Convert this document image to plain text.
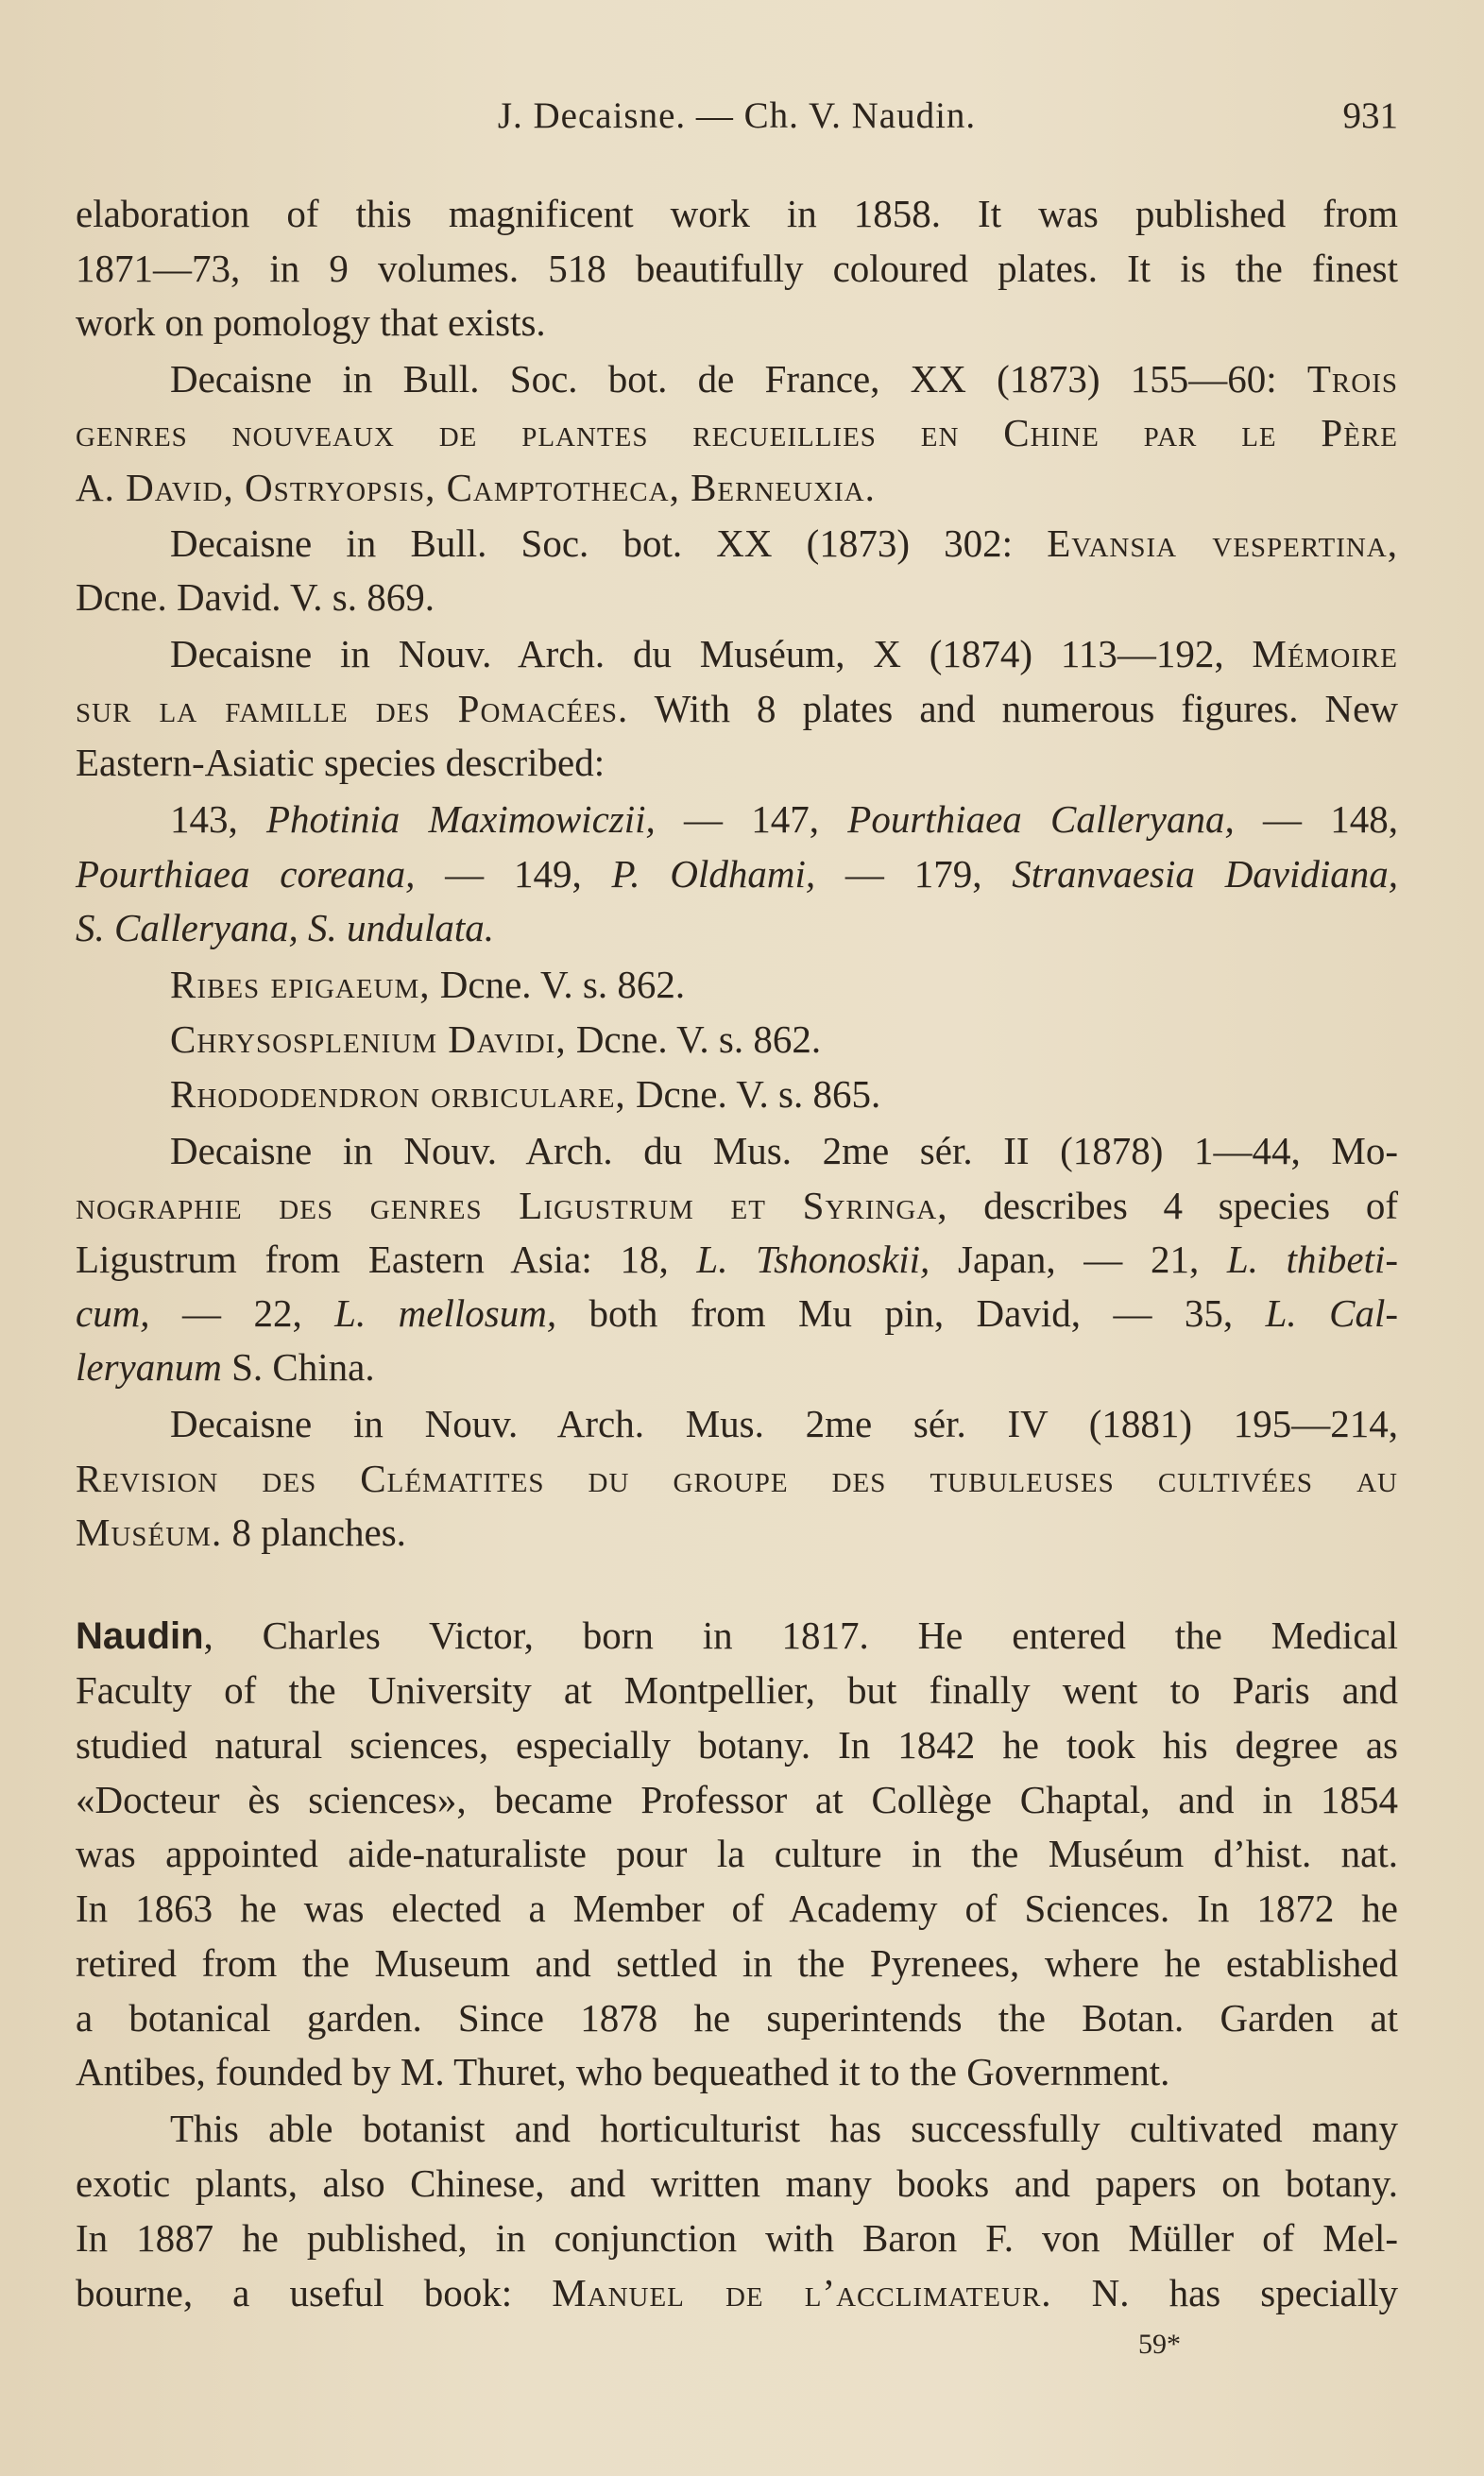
J. Decaisne. — Ch. V. Naudin.	931
elaboration of this magnificent work in 1858. It was published from
1871—73, in 9 volumes. 518 beautifully coloured plates. It is the finest
work on pomology that exists.
Decaisne in Bull. Soc. bot. de France, XX (1873) 155—60: Trois
genres nouveaux de plantes recueillies en Chine par le Père
A. David, Ostryopsis, Camptotheca, Berneuxia.
Decaisne in Bull. Soc. bot. XX (1873) 302: Evansia vespertina,
Dcne. David. V. s. 869.
Decaisne in Nouv. Arch. du Muséum, X (1874) 113—192, Mémoire
sur la famille des Pomacées. With 8 plates and numerous figures. New
Eastern-Asiatic species described:
143, Photinia Maximowiczii, — 147, Pourthiaea Calleryana, — 148,
Pourthiaea coreana, — 149, P. Oldhami, — 179, Stranvaesia Davidiana,
S. Calleryana, S. undulata.
Ribes epigaeum, Dcne. V. s. 862.
Chrysosplenium Davidi, Dcne. V. s. 862.
Rhododendron orbiculare, Dcne. V. s. 865.
Decaisne in Nouv. Arch. du Mus. 2me sér. II (1878) 1—44, Mo-
nographie des genres Ligustrum et Syringa, describes 4 species of
Ligustrum from Eastern Asia: 18, L. Tshonoskii, Japan, — 21, L. thibeti-
cum, — 22, L. mellosum, both from Mu pin, David, — 35, L. Cal-
leryanum S. China.
Decaisne in Nouv. Arch. Mus. 2me sér. IV (1881) 195—214,
Revision des Clématites du groupe des tubuleuses cultivées au
Muséum. 8 planches.
Naudin, Charles Victor, born in 1817. He entered the Medical
Faculty of the University at Montpellier, but finally went to Paris and
studied natural sciences, especially botany. In 1842 he took his degree as
«Docteur ès sciences», became Professor at Collège Chaptal, and in 1854
was appointed aide-naturaliste pour la culture in the Muséum d’hist. nat.
In 1863 he was elected a Member of Academy of Sciences. In 1872 he
retired from the Museum and settled in the Pyrenees, where he established
a botanical garden. Since 1878 he superintends the Botan. Garden at
Antibes, founded by M. Thuret, who bequeathed it to the Government.
This able botanist and horticulturist has successfully cultivated many
exotic plants, also Chinese, and written many books and papers on botany.
In 1887 he published, in conjunction with Baron F. von Müller of Mel-
bourne, a useful book: Manuel de l’acclimateur. N. has specially
59*
